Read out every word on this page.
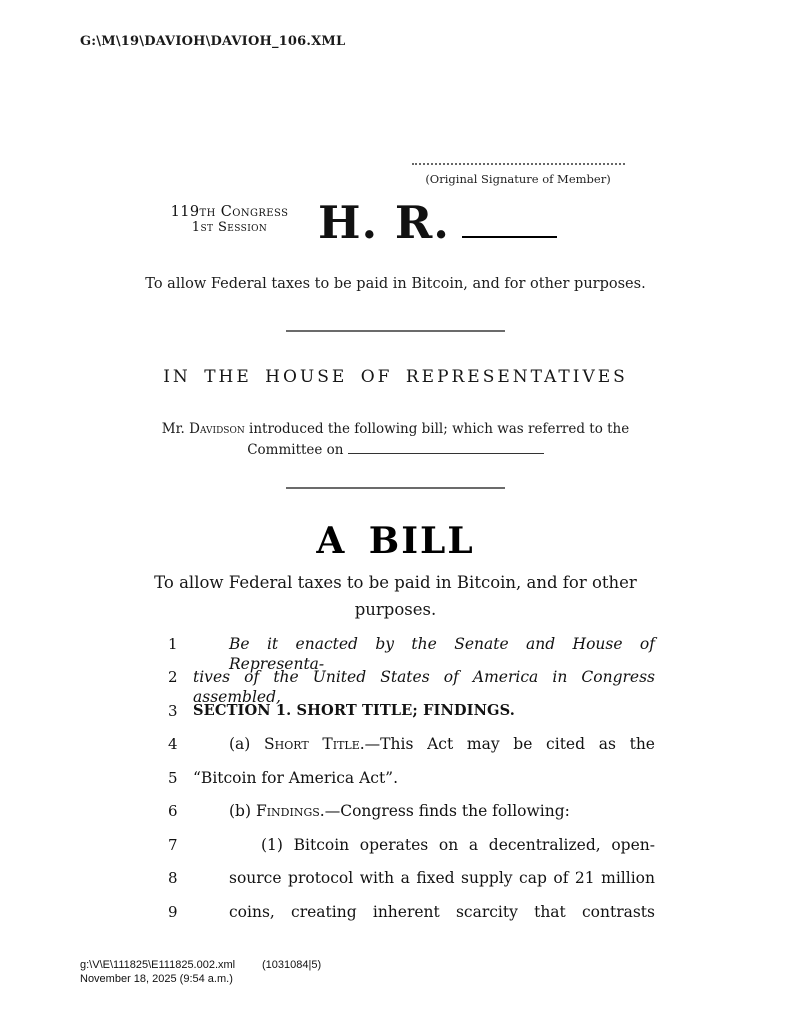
G:\M\19\DAVIOH\DAVIOH_106.XML
(Original Signature of Member)
119th Congress
1st Session	H. R.
To allow Federal taxes to be paid in Bitcoin, and for other purposes.
IN THE HOUSE OF REPRESENTATIVES
Mr. Davidson introduced the following bill; which was referred to the
Committee on
A BILL
To allow Federal taxes to be paid in Bitcoin, and for other purposes.
1	Be it enacted by the Senate and House of Representa-
2 tives of the United States of America in Congress assembled,
3	SECTION 1. SHORT TITLE; FINDINGS.
4	(a) Short Title.—This Act may be cited as the
5 “Bitcoin for America Act”.
6	(b) Findings.—Congress finds the following:
7	(1) Bitcoin operates on a decentralized, open-
8	source protocol with a fixed supply cap of 21 million
9	coins, creating inherent scarcity that contrasts
g:\V\E\111825\E111825.002.xml (1031084|5)
November 18, 2025 (9:54 a.m.)
